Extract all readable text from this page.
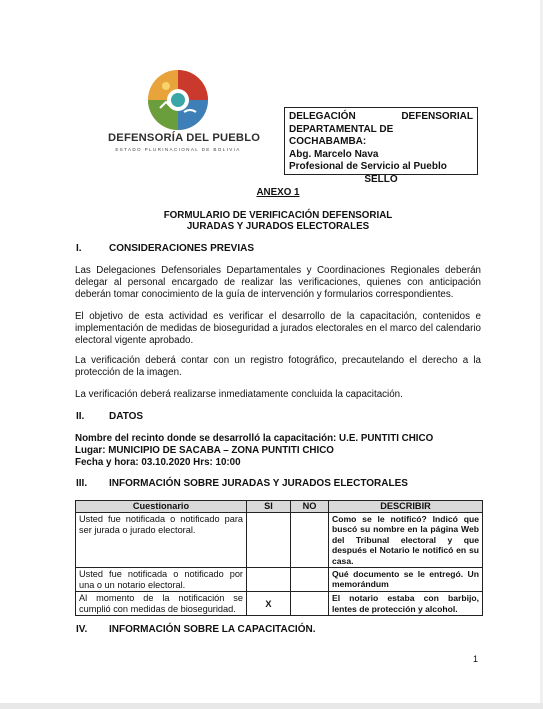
DEFENSORÍA DEL PUEBLO
ESTADO PLURINACIONAL DE BOLIVIA
DELEGACIÓN DEFENSORIAL
DEPARTAMENTAL DE COCHABAMBA:
Abg. Marcelo Nava
Profesional de Servicio al Pueblo
SELLO
ANEXO 1
FORMULARIO DE VERIFICACIÓN DEFENSORIAL
JURADAS Y JURADOS ELECTORALES
I.	CONSIDERACIONES PREVIAS
Las Delegaciones Defensoriales Departamentales y Coordinaciones Regionales deberán delegar al personal encargado de realizar las verificaciones, quienes con anticipación deberán tomar conocimiento de la guía de intervención y formularios correspondientes.
El objetivo de esta actividad es verificar el desarrollo de la capacitación, contenidos e implementación de medidas de bioseguridad a jurados electorales en el marco del calendario electoral vigente aprobado.
La verificación deberá contar con un registro fotográfico, precautelando el derecho a la protección de la imagen.
La verificación deberá realizarse inmediatamente concluida la capacitación.
II. DATOS
Nombre del recinto donde se desarrolló la capacitación: U.E. PUNTITI CHICO
Lugar: MUNICIPIO DE SACABA – ZONA PUNTITI CHICO
Fecha y hora: 03.10.2020 Hrs: 10:00
III. INFORMACIÓN SOBRE JURADAS Y JURADOS ELECTORALES
Cuestionario	SI	NO	DESCRIBIR
Usted fue notificada o notificado para ser jurada o jurado electoral.			Como se le notificó? Indicó que buscó su nombre en la página Web del Tribunal electoral y que después el Notario le notificó en su casa.
Usted fue notificada o notificado por una o un notario electoral.			Qué documento se le entregó. Un memorándum
Al momento de la notificación se cumplió con medidas de bioseguridad.	X		El notario estaba con barbijo, lentes de protección y alcohol.
IV. INFORMACIÓN SOBRE LA CAPACITACIÓN.
1
